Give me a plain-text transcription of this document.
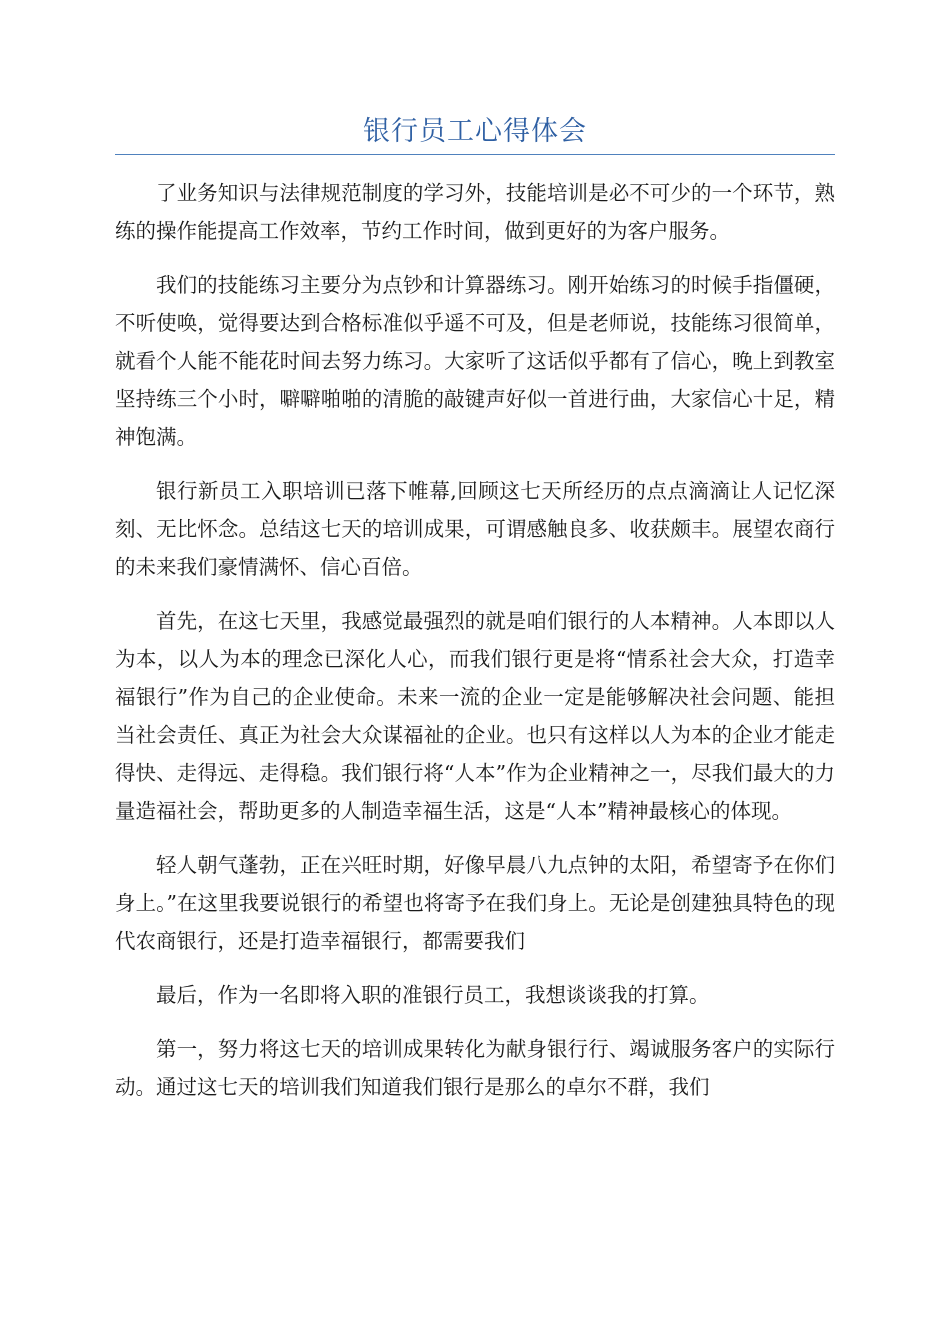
银行员工心得体会

了业务知识与法律规范制度的学习外，技能培训是必不可少的一个环节，熟练的操作能提高工作效率，节约工作时间，做到更好的为客户服务。

我们的技能练习主要分为点钞和计算器练习。刚开始练习的时候手指僵硬，不听使唤，觉得要达到合格标准似乎遥不可及，但是老师说，技能练习很简单，就看个人能不能花时间去努力练习。大家听了这话似乎都有了信心，晚上到教室坚持练三个小时，噼噼啪啪的清脆的敲键声好似一首进行曲，大家信心十足，精神饱满。

银行新员工入职培训已落下帷幕,回顾这七天所经历的点点滴滴让人记忆深刻、无比怀念。总结这七天的培训成果，可谓感触良多、收获颇丰。展望农商行的未来我们豪情满怀、信心百倍。

首先，在这七天里，我感觉最强烈的就是咱们银行的人本精神。人本即以人为本，以人为本的理念已深化人心，而我们银行更是将“情系社会大众，打造幸福银行”作为自己的企业使命。未来一流的企业一定是能够解决社会问题、能担当社会责任、真正为社会大众谋福祉的企业。也只有这样以人为本的企业才能走得快、走得远、走得稳。我们银行将“人本”作为企业精神之一，尽我们最大的力量造福社会，帮助更多的人制造幸福生活，这是“人本”精神最核心的体现。

轻人朝气蓬勃，正在兴旺时期，好像早晨八九点钟的太阳，希望寄予在你们身上。”在这里我要说银行的希望也将寄予在我们身上。无论是创建独具特色的现代农商银行，还是打造幸福银行，都需要我们

最后，作为一名即将入职的准银行员工，我想谈谈我的打算。

第一，努力将这七天的培训成果转化为献身银行行、竭诚服务客户的实际行动。通过这七天的培训我们知道我们银行是那么的卓尔不群，我们
